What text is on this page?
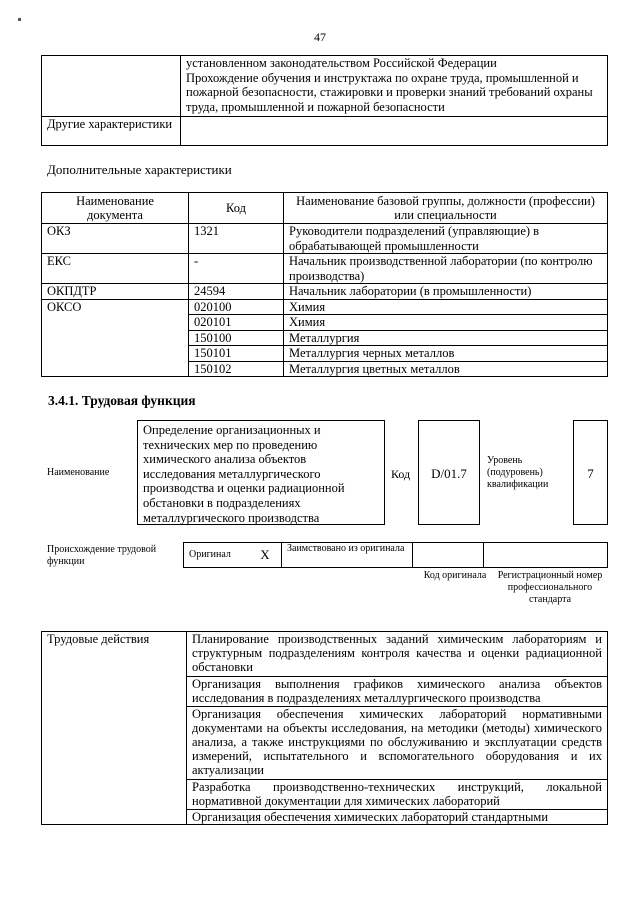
47
	установленном законодательством Российской Федерации
Прохождение обучения и инструктажа по охране труда, промышленной и пожарной безопасности, стажировки и проверки знаний требований охраны труда, промышленной и пожарной безопасности
Другие характеристики	
Дополнительные характеристики
Наименование документа	Код	Наименование базовой группы, должности (профессии) или специальности
ОКЗ	1321	Руководители подразделений (управляющие) в обрабатывающей промышленности
ЕКС	-	Начальник производственной лаборатории (по контролю производства)
ОКПДТР	24594	Начальник лаборатории (в промышленности)
ОКСО	020100	Химия
	020101	Химия
	150100	Металлургия
	150101	Металлургия черных металлов
	150102	Металлургия цветных металлов
3.4.1. Трудовая функция
Наименование
Определение организационных и технических мер по проведению химического анализа объектов исследования металлургического производства и оценки радиационной обстановки в подразделениях металлургического производства
Код	D/01.7
Уровень (подуровень) квалификации
7
Происхождение трудовой функции
Оригинал	X	Заимствовано из оригинала		
Код оригинала	Регистрационный номер профессионального стандарта
Трудовые действия	Планирование производственных заданий химическим лабораториям и структурным подразделениям контроля качества и оценки радиационной обстановки
Организация выполнения графиков химического анализа объектов исследования в подразделениях металлургического производства
Организация обеспечения химических лабораторий нормативными документами на объекты исследования, на методики (методы) химического анализа, а также инструкциями по обслуживанию и эксплуатации средств измерений, испытательного и вспомогательного оборудования и их актуализации
Разработка производственно-технических инструкций, локальной нормативной документации для химических лабораторий
Организация обеспечения химических лабораторий стандартными
